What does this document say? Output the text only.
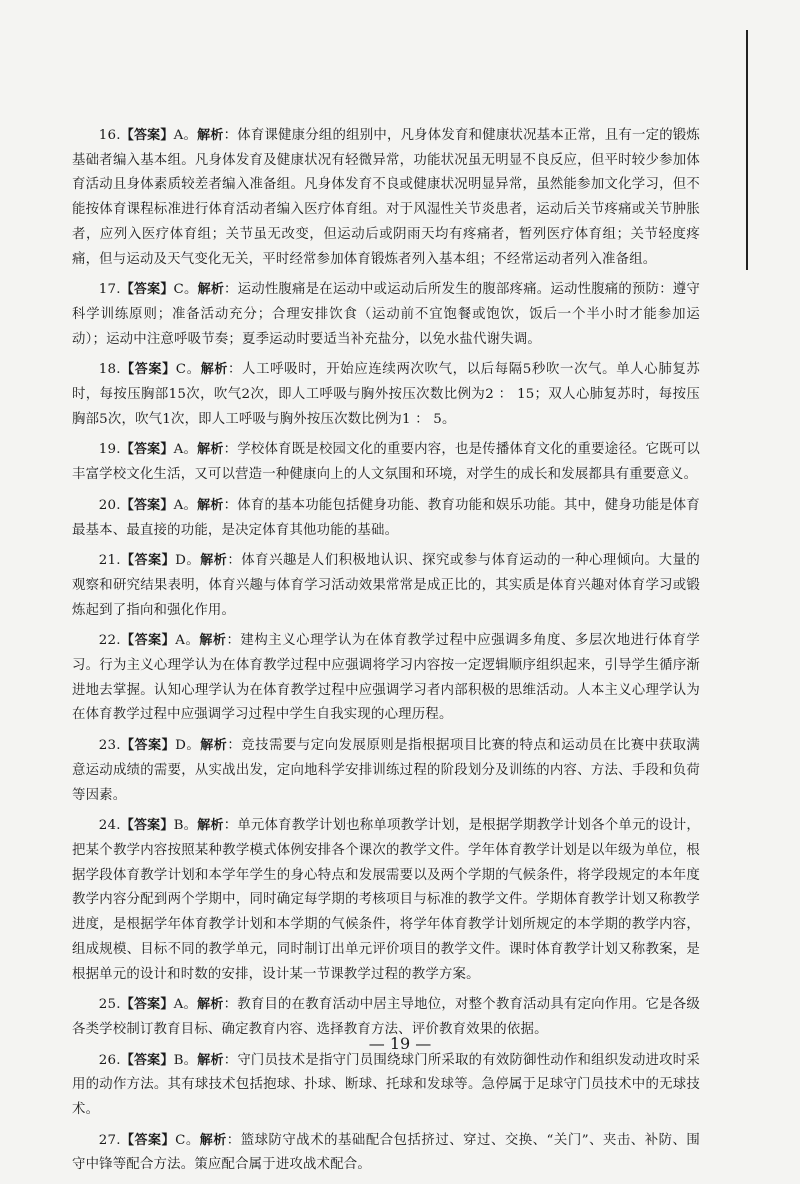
16.【答案】A。解析：体育课健康分组的组别中，凡身体发育和健康状况基本正常，且有一定的锻炼基础者编入基本组。凡身体发育及健康状况有轻微异常，功能状况虽无明显不良反应，但平时较少参加体育活动且身体素质较差者编入准备组。凡身体发育不良或健康状况明显异常，虽然能参加文化学习，但不能按体育课程标准进行体育活动者编入医疗体育组。对于风湿性关节炎患者，运动后关节疼痛或关节肿胀者，应列入医疗体育组；关节虽无改变，但运动后或阴雨天均有疼痛者，暂列医疗体育组；关节轻度疼痛，但与运动及天气变化无关，平时经常参加体育锻炼者列入基本组；不经常运动者列入准备组。

17.【答案】C。解析：运动性腹痛是在运动中或运动后所发生的腹部疼痛。运动性腹痛的预防：遵守科学训练原则；准备活动充分；合理安排饮食（运动前不宜饱餐或饱饮，饭后一个半小时才能参加运动）；运动中注意呼吸节奏；夏季运动时要适当补充盐分，以免水盐代谢失调。

18.【答案】C。解析：人工呼吸时，开始应连续两次吹气，以后每隔5秒吹一次气。单人心肺复苏时，每按压胸部15次，吹气2次，即人工呼吸与胸外按压次数比例为2 ： 15；双人心肺复苏时，每按压胸部5次，吹气1次，即人工呼吸与胸外按压次数比例为1 ： 5。

19.【答案】A。解析：学校体育既是校园文化的重要内容，也是传播体育文化的重要途径。它既可以丰富学校文化生活，又可以营造一种健康向上的人文氛围和环境，对学生的成长和发展都具有重要意义。

20.【答案】A。解析：体育的基本功能包括健身功能、教育功能和娱乐功能。其中，健身功能是体育最基本、最直接的功能，是决定体育其他功能的基础。

21.【答案】D。解析：体育兴趣是人们积极地认识、探究或参与体育运动的一种心理倾向。大量的观察和研究结果表明，体育兴趣与体育学习活动效果常常是成正比的，其实质是体育兴趣对体育学习或锻炼起到了指向和强化作用。

22.【答案】A。解析：建构主义心理学认为在体育教学过程中应强调多角度、多层次地进行体育学习。行为主义心理学认为在体育教学过程中应强调将学习内容按一定逻辑顺序组织起来，引导学生循序渐进地去掌握。认知心理学认为在体育教学过程中应强调学习者内部积极的思维活动。人本主义心理学认为在体育教学过程中应强调学习过程中学生自我实现的心理历程。

23.【答案】D。解析：竞技需要与定向发展原则是指根据项目比赛的特点和运动员在比赛中获取满意运动成绩的需要，从实战出发，定向地科学安排训练过程的阶段划分及训练的内容、方法、手段和负荷等因素。

24.【答案】B。解析：单元体育教学计划也称单项教学计划，是根据学期教学计划各个单元的设计，把某个教学内容按照某种教学模式体例安排各个课次的教学文件。学年体育教学计划是以年级为单位，根据学段体育教学计划和本学年学生的身心特点和发展需要以及两个学期的气候条件，将学段规定的本年度教学内容分配到两个学期中，同时确定每学期的考核项目与标准的教学文件。学期体育教学计划又称教学进度，是根据学年体育教学计划和本学期的气候条件，将学年体育教学计划所规定的本学期的教学内容，组成规模、目标不同的教学单元，同时制订出单元评价项目的教学文件。课时体育教学计划又称教案，是根据单元的设计和时数的安排，设计某一节课教学过程的教学方案。

25.【答案】A。解析：教育目的在教育活动中居主导地位，对整个教育活动具有定向作用。它是各级各类学校制订教育目标、确定教育内容、选择教育方法、评价教育效果的依据。

26.【答案】B。解析：守门员技术是指守门员围绕球门所采取的有效防御性动作和组织发动进攻时采用的动作方法。其有球技术包括抱球、扑球、断球、托球和发球等。急停属于足球守门员技术中的无球技术。

27.【答案】C。解析：篮球防守战术的基础配合包括挤过、穿过、交换、“关门”、夹击、补防、围守中锋等配合方法。策应配合属于进攻战术配合。

— 19 —
